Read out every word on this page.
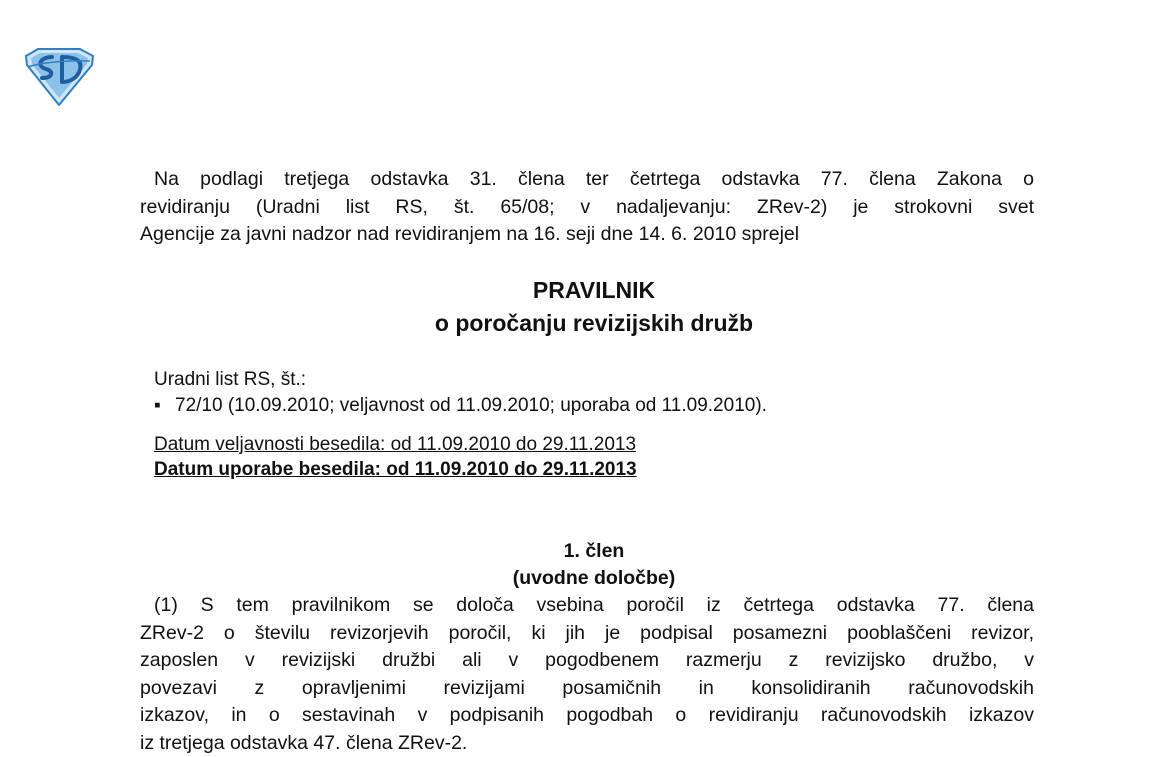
Na podlagi tretjega odstavka 31. člena ter četrtega odstavka 77. člena Zakona o
revidiranju (Uradni list RS, št. 65/08; v nadaljevanju: ZRev-2) je strokovni svet
Agencije za javni nadzor nad revidiranjem na 16. seji dne 14. 6. 2010 sprejel
PRAVILNIK
o poročanju revizijskih družb
Uradni list RS, št.:
▪ 72/10 (10.09.2010; veljavnost od 11.09.2010; uporaba od 11.09.2010).
Datum veljavnosti besedila: od 11.09.2010 do 29.11.2013
Datum uporabe besedila: od 11.09.2010 do 29.11.2013
1. člen
(uvodne določbe)
(1) S tem pravilnikom se določa vsebina poročil iz četrtega odstavka 77. člena
ZRev-2 o številu revizorjevih poročil, ki jih je podpisal posamezni pooblaščeni revizor,
zaposlen v revizijski družbi ali v pogodbenem razmerju z revizijsko družbo, v
povezavi z opravljenimi revizijami posamičnih in konsolidiranih računovodskih
izkazov, in o sestavinah v podpisanih pogodbah o revidiranju računovodskih izkazov
iz tretjega odstavka 47. člena ZRev-2.
